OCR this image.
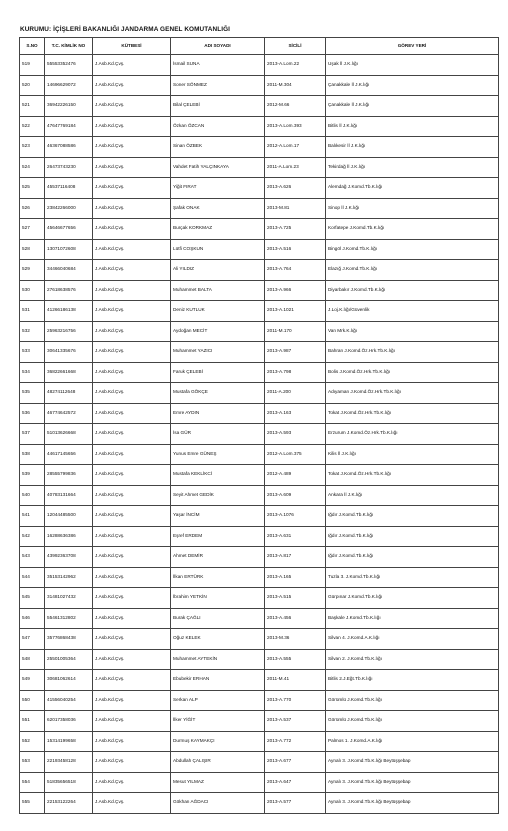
KURUMU: İÇİŞLERİ BAKANLIĞI JANDARMA GENEL KOMUTANLIĞI
S.NO	T.C. KİMLİK NO	KÜTBESİ	ADI SOYADI	SİCİLİ	GÖREV YERİ
519	55553352476	J.Asb.Kd.Çvş.	İsmail SUNA	2013-A.Lom.22	Uşak İl J.K.lığı
520	14696629072	J.Asb.Kd.Çvş.	Soner SÖNMEZ	2011-M.304	Çanakkale İl J.K.lığı
521	36942226150	J.Asb.Kd.Çvş.	Bilal ÇELEBİ	2012-M.66	Çanakkale İl J.K.lığı
522	47647769184	J.Asb.Kd.Çvş.	Özkan ÖZCAN	2013-A.Lom.393	Bitlis İl J.K.lığı
523	46367088586	J.Asb.Kd.Çvş.	Sinan ÖZBEK	2012-A.Lom.17	Balıkesir İl J.K.lığı
524	26473743230	J.Asb.Kd.Çvş.	Vahdet Fatih YALÇINKAYA	2011-A.Lom.23	Tekirdağ İl J.K.lığı
525	45537116408	J.Asb.Kd.Çvş.	Yiğit FIRAT	2013-A.626	Alemdağ J.Komd.Tb.K.lığı
526	23842266000	J.Asb.Kd.Çvş.	Şafak ONAK	2013-M.81	Sinop İl J.K.lığı
527	45646677656	J.Asb.Kd.Çvş.	Burçak KORKMAZ	2013-A.725	Korfatepe J.Komd.Tb.K.lığı
528	13071072608	J.Asb.Kd.Çvş.	Lütfi COŞKUN	2013-A.516	Bingöl J.Komd.Tb.K.lığı
529	34466040684	J.Asb.Kd.Çvş.	Ali YILDIZ	2013-A.764	Elazığ J.Komd.Tb.K.lığı
530	27618638576	J.Asb.Kd.Çvş.	Muhammet BALTA	2013-A.966	Diyarbakır J.Komd.Tb.K.lığı
531	41266186138	J.Asb.Kd.Çvş.	Deniz KUTLUK	2013-A.1021	J.Loj.K.lığı/Güvenlik
532	25963216756	J.Asb.Kd.Çvş.	Aydoğan MECİT	2011-M.170	Van Mrk.K.lığı
533	30641335676	J.Asb.Kd.Çvş.	Muhammet YAZICI	2013-A.987	Bahran J.Komd.Öz.Hrk.Tb.K.lığı
534	36822661668	J.Asb.Kd.Çvş.	Faruk ÇELEBİ	2013-A.798	Bolis J.Komd.Öz.Hrk.Tb.K.lığı
535	48274112648	J.Asb.Kd.Çvş.	Mustafa GÖKÇE	2011-A.200	Adıyaman J.Komd.Öz.Hrk.Tb.K.lığı
536	46774642572	J.Asb.Kd.Çvş.	Emre AYDIN	2013-A.163	Tokat J.Komd.Öz.Hrk.Tb.K.lığı
537	51013626668	J.Asb.Kd.Çvş.	İsa GÜR	2013-A.593	Erzurum J.Komd.Öz.Hrk.Tb.K.lığı
538	44617145656	J.Asb.Kd.Çvş.	Yunus Emre GÜNEŞ	2012-A.Lom.375	Kilis İl J.K.lığı
539	28555799836	J.Asb.Kd.Çvş.	Mustafa KEKLİKCİ	2012-A.489	Tokat J.Komd.Öz.Hrk.Tb.K.lığı
540	40783131664	J.Asb.Kd.Çvş.	Seyit Ahmet GEDİK	2013-A.609	Ankara İl J.K.lığı
541	12044485500	J.Asb.Kd.Çvş.	Yaşar İNCİM	2013-A.1076	Iğdır J.Komd.Tb.K.lığı
542	16288636386	J.Asb.Kd.Çvş.	Eşref ERDEM	2013-A.631	Iğdır J.Komd.Tb.K.lığı
543	43992363708	J.Asb.Kd.Çvş.	Ahmet DEMİR	2013-A.817	Iğdır J.Komd.Tb.K.lığı
544	35153142962	J.Asb.Kd.Çvş.	İlkan ERTÜRK	2013-A.165	Tuzla 3. J.Komd.Tb.K.lığı
545	31481027432	J.Asb.Kd.Çvş.	İbrahim YETKİN	2013-A.515	Gürpınar J.Komd.Tb.K.lığı
546	55461312802	J.Asb.Kd.Çvş.	Burak ÇAĞLI	2013-A.456	Başkale J.Komd.Tb.K.lığı
547	35776868438	J.Asb.Kd.Çvş.	Oğuz KELEK	2013-M.36	Silvan 4. J.Komd.A.K.lığı
548	25501005364	J.Asb.Kd.Çvş.	Muhammet AYTEKİN	2013-A.555	Silvan 2. J.Komd.Tb.K.lığı
549	30681062614	J.Asb.Kd.Çvş.	Ebubekir ERHAN	2011-M.41	Bitlis 2.J.Eğt.Tb.K.lığı
550	41556040254	J.Asb.Kd.Çvş.	Serkan ALP	2013-A.770	Görümlü J.Komd.Tb.K.lığı
551	62017358036	J.Asb.Kd.Çvş.	İlker YİĞİT	2013-A.537	Görümlü J.Komd.Tb.K.lığı
552	15314199658	J.Asb.Kd.Çvş.	Durmuş KAYMAKÇI	2013-A.772	Palmos 1. J.Komd.A.K.lığı
553	22193458128	J.Asb.Kd.Çvş.	Abdullah ÇALIŞIR	2013-A.677	Aynalı 3. J.Komd.Tb.K.lığı Beytüşşebap
554	51835656518	J.Asb.Kd.Çvş.	Mesut YILMAZ	2013-A.647	Aynalı 3. J.Komd.Tb.K.lığı Beytüşşebap
555	22153122264	J.Asb.Kd.Çvş.	Gökhan AĞDACI	2013-A.577	Aynalı 3. J.Komd.Tb.K.lığı Beytüşşebap
